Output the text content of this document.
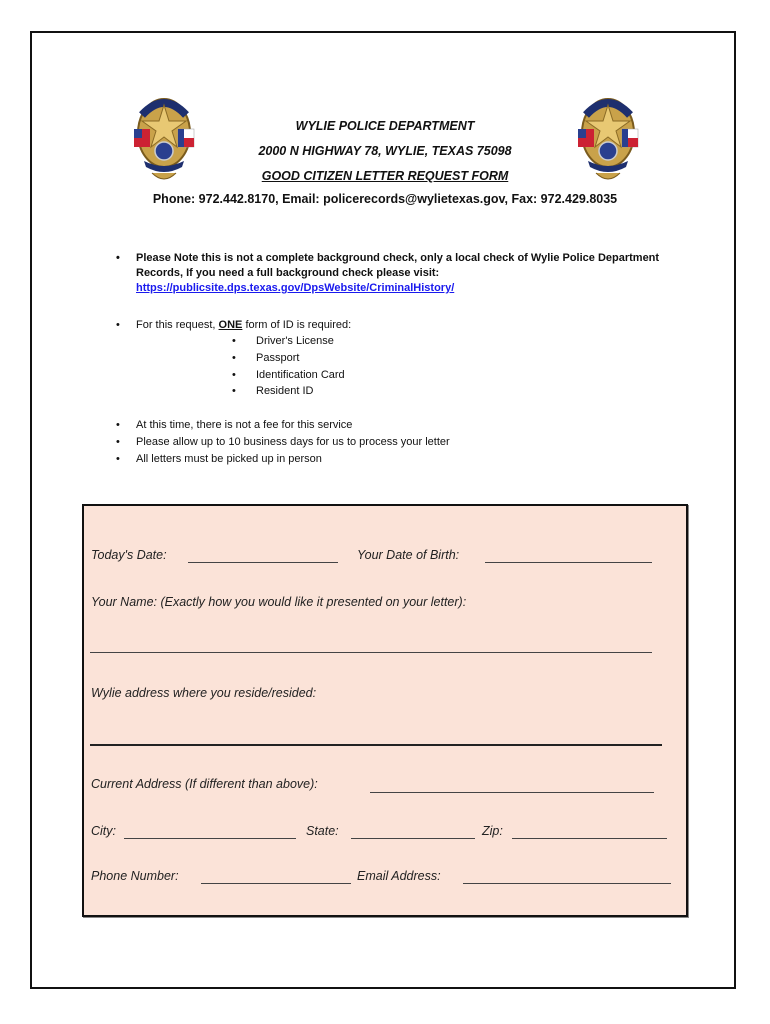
WYLIE POLICE DEPARTMENT
2000 N HIGHWAY 78, WYLIE, TEXAS 75098
GOOD CITIZEN LETTER REQUEST FORM
Phone: 972.442.8170, Email: policerecords@wylietexas.gov, Fax: 972.429.8035
• Please Note this is not a complete background check, only a local check of Wylie Police Department Records, If you need a full background check please visit:
https://publicsite.dps.texas.gov/DpsWebsite/CriminalHistory/
• For this request, ONE form of ID is required:
• Driver's License
• Passport
• Identification Card
• Resident ID
• At this time, there is not a fee for this service
• Please allow up to 10 business days for us to process your letter
• All letters must be picked up in person
Today's Date:	Your Date of Birth:
Your Name: (Exactly how you would like it presented on your letter):
Wylie address where you reside/resided:
Current Address (If different than above):
City:	State:	Zip:
Phone Number:	Email Address:
